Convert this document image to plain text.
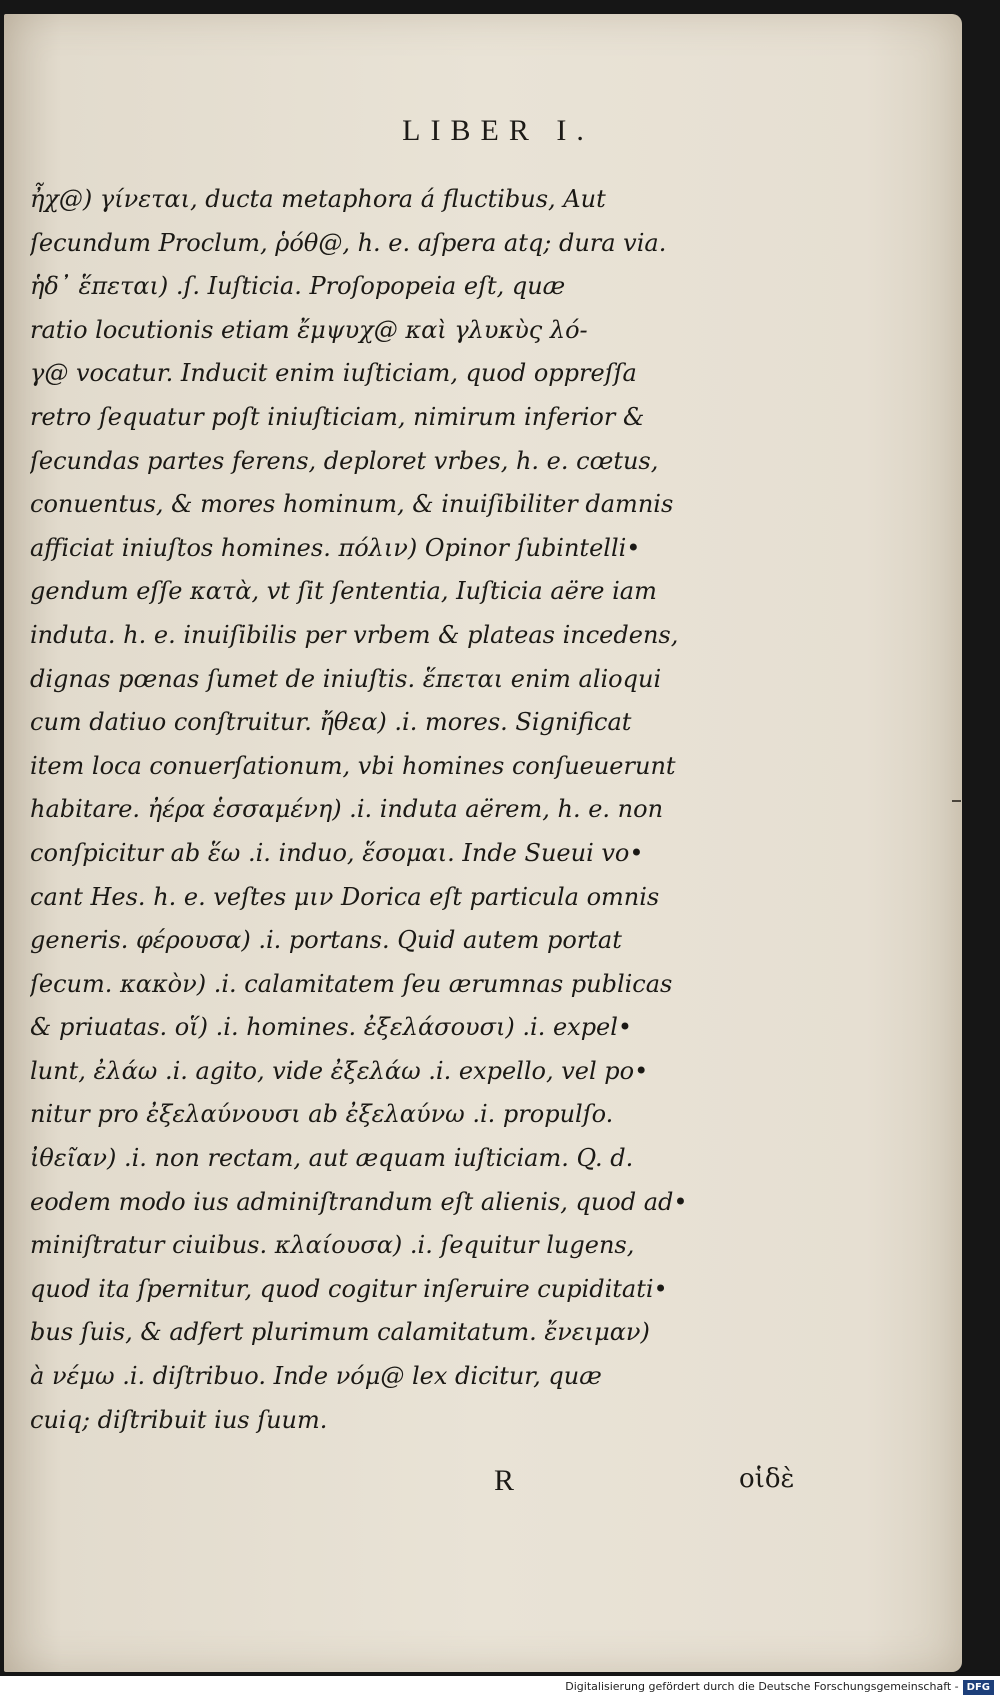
LIBER I.
ἦχ@) γίνεται, ducta metaphora á fluctibus, Aut
ſecundum Proclum, ῥόθ@, h. e. aſpera atq; dura via.
ἡδ᾽ ἕπεται) .ſ. Iuſticia. Proſopopeia eſt, quæ
ratio locutionis etiam ἔμψυχ@ καὶ γλυκὺς λό-
γ@ vocatur. Inducit enim iuſticiam, quod oppreſſa
retro ſequatur poſt iniuſticiam, nimirum inferior &
ſecundas partes ferens, deploret vrbes, h. e. cœtus,
conuentus, & mores hominum, & inuiſibiliter damnis
afficiat iniuſtos homines. πόλιν) Opinor ſubintelli•
gendum eſſe κατὰ, vt ſit ſententia, Iuſticia aëre iam
induta. h. e. inuiſibilis per vrbem & plateas incedens,
dignas pœnas ſumet de iniuſtis. ἕπεται enim alioqui
cum datiuo conſtruitur. ἤθεα) .i. mores. Significat
item loca conuerſationum, vbi homines conſueuerunt
habitare. ἠέρα ἑσσαμένη) .i. induta aërem, h. e. non
conſpicitur ab ἕω .i. induo, ἕσομαι. Inde Sueui vo•
cant Hes. h. e. veſtes μιν Dorica eſt particula omnis
generis. φέρουσα) .i. portans. Quid autem portat
ſecum. κακὸν) .i. calamitatem ſeu ærumnas publicas
& priuatas. οἵ) .i. homines. ἐξελάσουσι) .i. expel•
lunt, ἐλάω .i. agito, vide ἐξελάω .i. expello, vel po•
nitur pro ἐξελαύνουσι ab ἐξελαύνω .i. propulſo.
ἰθεῖαν) .i. non rectam, aut æquam iuſticiam. Q. d.
eodem modo ius adminiſtrandum eſt alienis, quod ad•
miniſtratur ciuibus. κλαίουσα) .i. ſequitur lugens,
quod ita ſpernitur, quod cogitur inſeruire cupiditati•
bus ſuis, & adfert plurimum calamitatum. ἔνειμαν)
à νέμω .i. diſtribuo. Inde νόμ@ lex dicitur, quæ
cuiq; diſtribuit ius ſuum.
R	οἱδὲ
Digitalisierung gefördert durch die Deutsche Forschungsgemeinschaft - DFG
